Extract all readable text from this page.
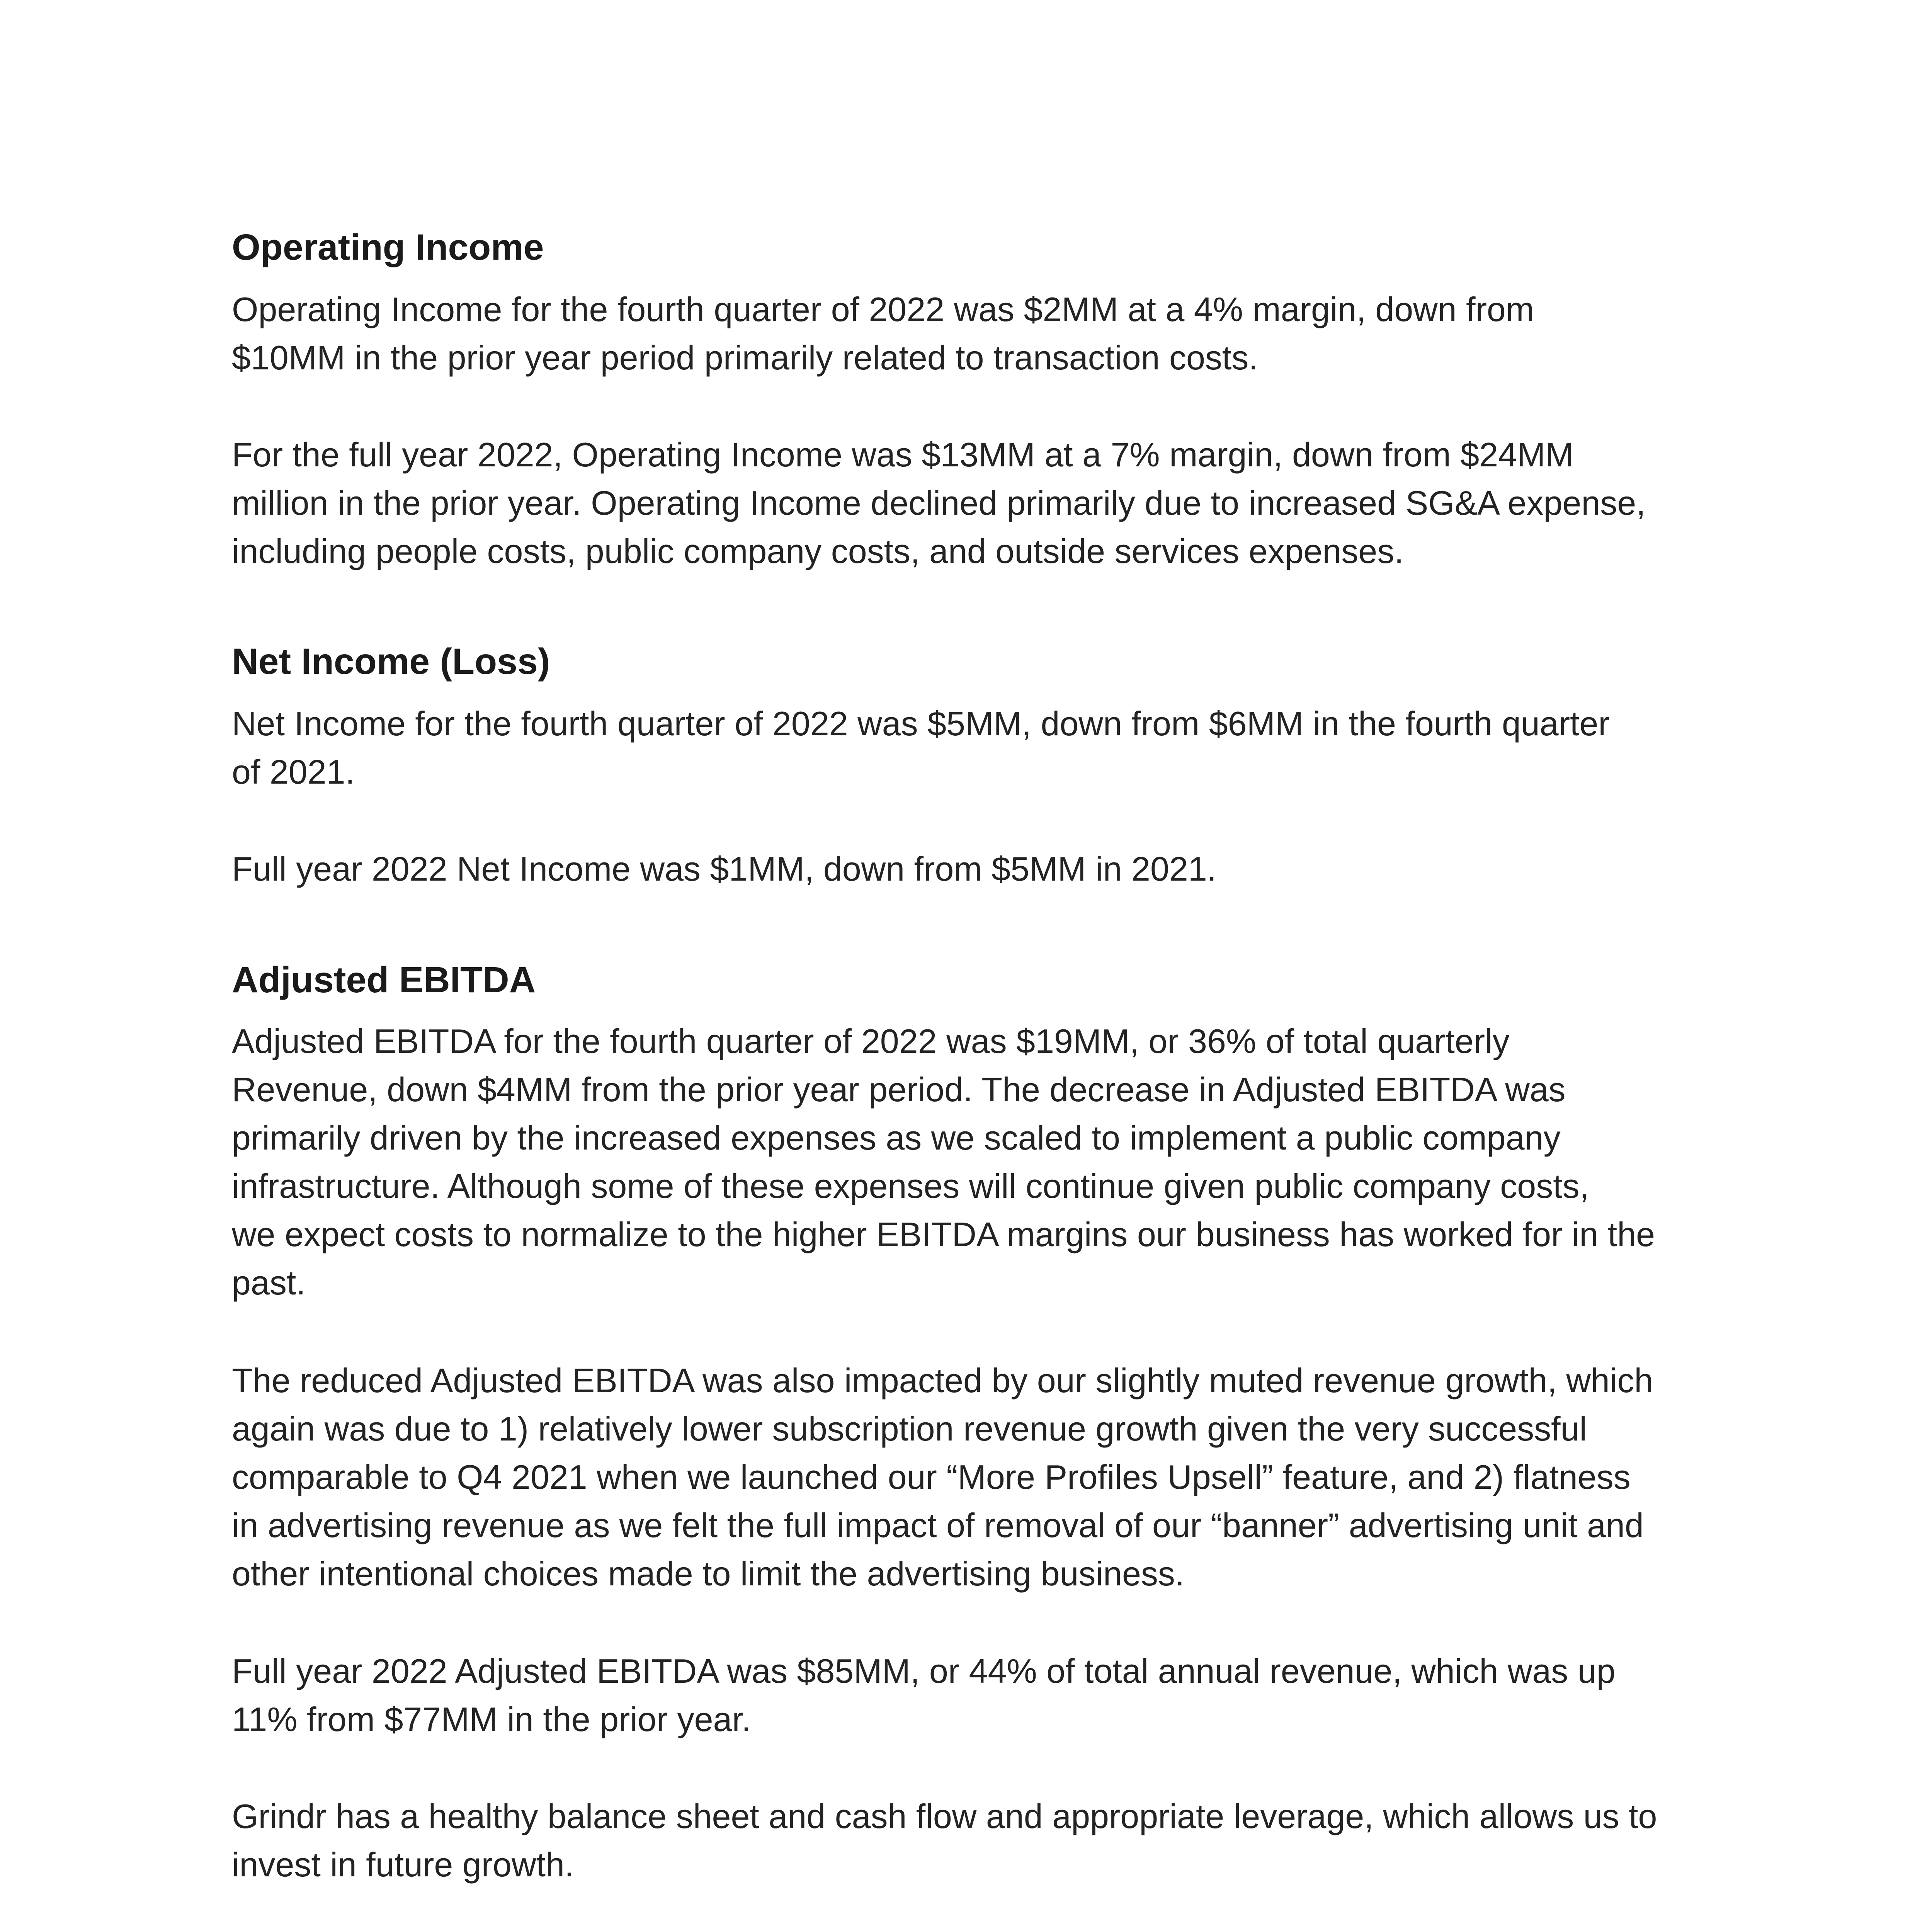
Operating Income

Operating Income for the fourth quarter of 2022 was $2MM at a 4% margin, down from
$10MM in the prior year period primarily related to transaction costs.

For the full year 2022, Operating Income was $13MM at a 7% margin, down from $24MM
million in the prior year. Operating Income declined primarily due to increased SG&A expense,
including people costs, public company costs, and outside services expenses.

Net Income (Loss)

Net Income for the fourth quarter of 2022 was $5MM, down from $6MM in the fourth quarter
of 2021.

Full year 2022 Net Income was $1MM, down from $5MM in 2021.

Adjusted EBITDA

Adjusted EBITDA for the fourth quarter of 2022 was $19MM, or 36% of total quarterly
Revenue, down $4MM from the prior year period. The decrease in Adjusted EBITDA was
primarily driven by the increased expenses as we scaled to implement a public company
infrastructure. Although some of these expenses will continue given public company costs,
we expect costs to normalize to the higher EBITDA margins our business has worked for in the
past.

The reduced Adjusted EBITDA was also impacted by our slightly muted revenue growth, which
again was due to 1) relatively lower subscription revenue growth given the very successful
comparable to Q4 2021 when we launched our “More Profiles Upsell” feature, and 2) flatness
in advertising revenue as we felt the full impact of removal of our “banner” advertising unit and
other intentional choices made to limit the advertising business.

Full year 2022 Adjusted EBITDA was $85MM, or 44% of total annual revenue, which was up
11% from $77MM in the prior year.

Grindr has a healthy balance sheet and cash flow and appropriate leverage, which allows us to
invest in future growth.
